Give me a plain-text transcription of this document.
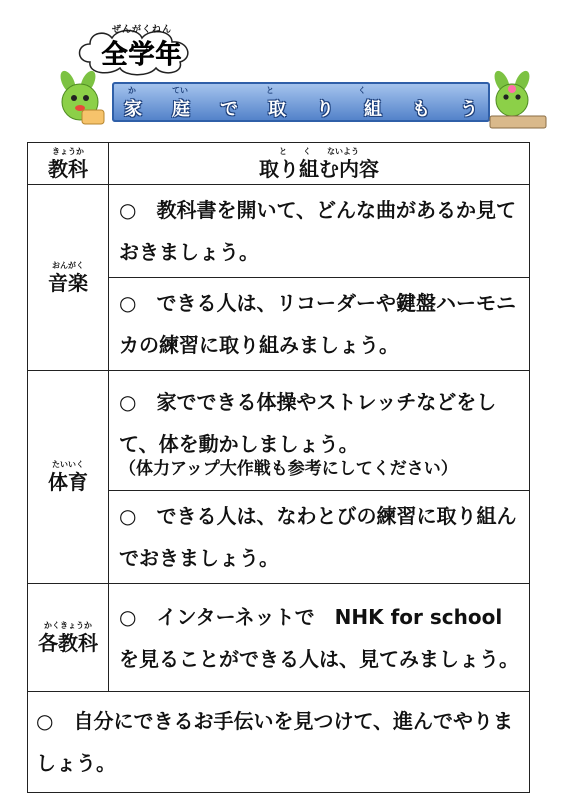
ぜんがくねん
全学年
か	てい	と	く
家 庭 で 取 り 組 も う
きょうか
教科	と　　く　　ないよう
取り組む内容

おんがく
音楽	○　教科書を開いて、どんな曲があるか見ておきましょう。
	○　できる人は、リコーダーや鍵盤ハーモニカの練習に取り組みましょう。

たいいく
体育	○　家でできる体操やストレッチなどをして、体を動かしましょう。
（体力アップ大作戦も参考にしてください）

	○　できる人は、なわとびの練習に取り組んでおきましょう。

かくきょうか
各教科	○　インターネットで　NHK for school を見ることができる人は、見てみましょう。
○　自分にできるお手伝いを見つけて、進んでやりましょう。	
